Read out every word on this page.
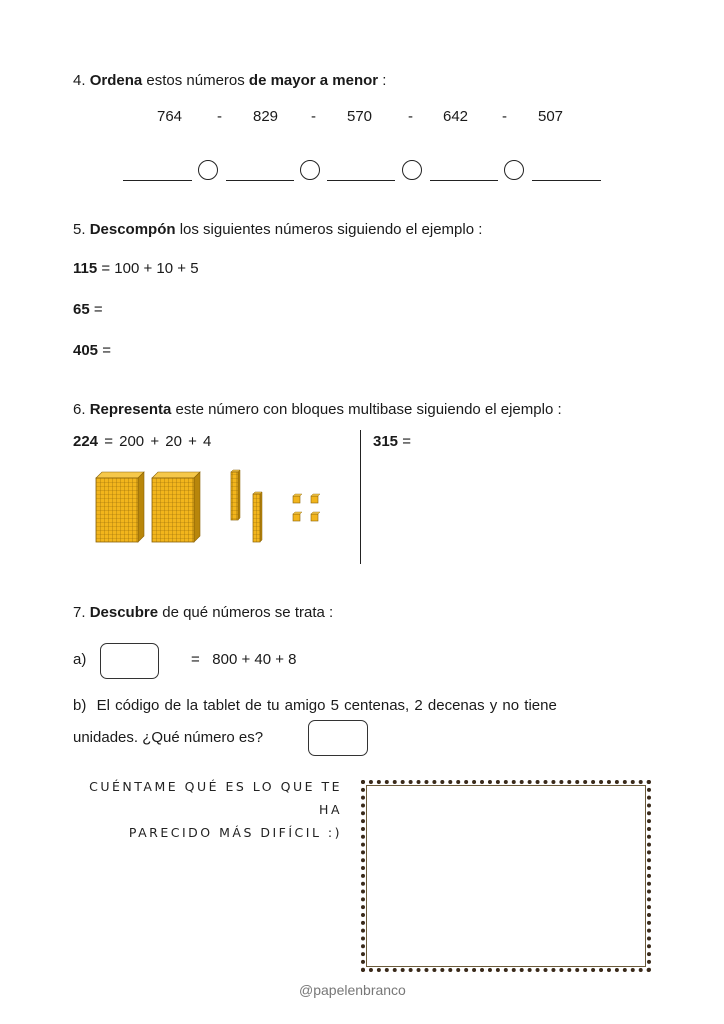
4. Ordena estos números de mayor a menor :
764 - 829 - 570 - 642 - 507
5. Descompón los siguientes números siguiendo el ejemplo :
115 = 100 + 10 + 5
65 =
405 =
6. Representa este número con bloques multibase siguiendo el ejemplo :
224 = 200 + 20 + 4	315 =
7. Descubre de qué números se trata :
a)	=   800 + 40 + 8
b)  El código de la tablet de tu amigo 5 centenas, 2 decenas y no tiene
unidades. ¿Qué número es?
CUÉNTAME QUÉ ES LO QUE TE HA
PARECIDO MÁS DIFÍCIL :)
@papelenbranco
